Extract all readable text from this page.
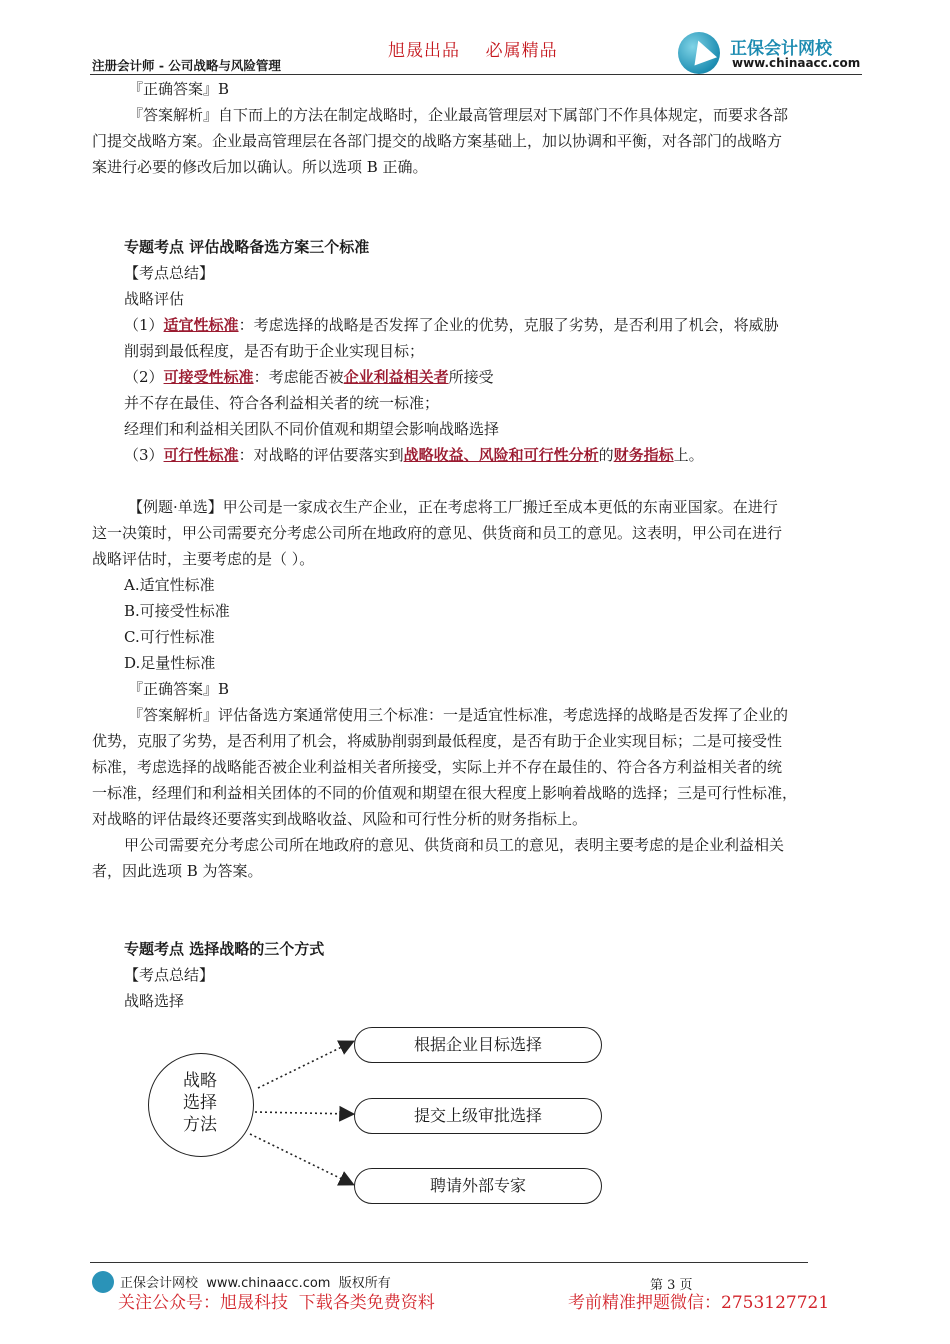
旭晟出品    必属精品
注册会计师 - 公司战略与风险管理
正保会计网校
www.chinaacc.com
『正确答案』B
『答案解析』自下而上的方法在制定战略时，企业最高管理层对下属部门不作具体规定，而要求各部
门提交战略方案。企业最高管理层在各部门提交的战略方案基础上，加以协调和平衡，对各部门的战略方
案进行必要的修改后加以确认。所以选项 B 正确。
专题考点 评估战略备选方案三个标准
【考点总结】
战略评估
（1）适宜性标准：考虑选择的战略是否发挥了企业的优势，克服了劣势，是否利用了机会，将威胁
削弱到最低程度，是否有助于企业实现目标；
（2）可接受性标准：考虑能否被企业利益相关者所接受
并不存在最佳、符合各利益相关者的统一标准；
经理们和利益相关团队不同价值观和期望会影响战略选择
（3）可行性标准：对战略的评估要落实到战略收益、风险和可行性分析的财务指标上。
【例题·单选】甲公司是一家成衣生产企业，正在考虑将工厂搬迁至成本更低的东南亚国家。在进行
这一决策时，甲公司需要充分考虑公司所在地政府的意见、供货商和员工的意见。这表明，甲公司在进行
战略评估时，主要考虑的是（ ）。
A.适宜性标准
B.可接受性标准
C.可行性标准
D.足量性标准
『正确答案』B
『答案解析』评估备选方案通常使用三个标准：一是适宜性标准，考虑选择的战略是否发挥了企业的
优势，克服了劣势，是否利用了机会，将威胁削弱到最低程度，是否有助于企业实现目标；二是可接受性
标准，考虑选择的战略能否被企业利益相关者所接受，实际上并不存在最佳的、符合各方利益相关者的统
一标准，经理们和利益相关团体的不同的价值观和期望在很大程度上影响着战略的选择；三是可行性标准，
对战略的评估最终还要落实到战略收益、风险和可行性分析的财务指标上。
甲公司需要充分考虑公司所在地政府的意见、供货商和员工的意见，表明主要考虑的是企业利益相关
者，因此选项 B 为答案。
专题考点 选择战略的三个方式
【考点总结】
战略选择
战略
选择
方法
根据企业目标选择
提交上级审批选择
聘请外部专家
正保会计网校  www.chinaacc.com  版权所有	第 3 页
关注公众号：旭晟科技  下载各类免费资料	考前精准押题微信：2753127721
